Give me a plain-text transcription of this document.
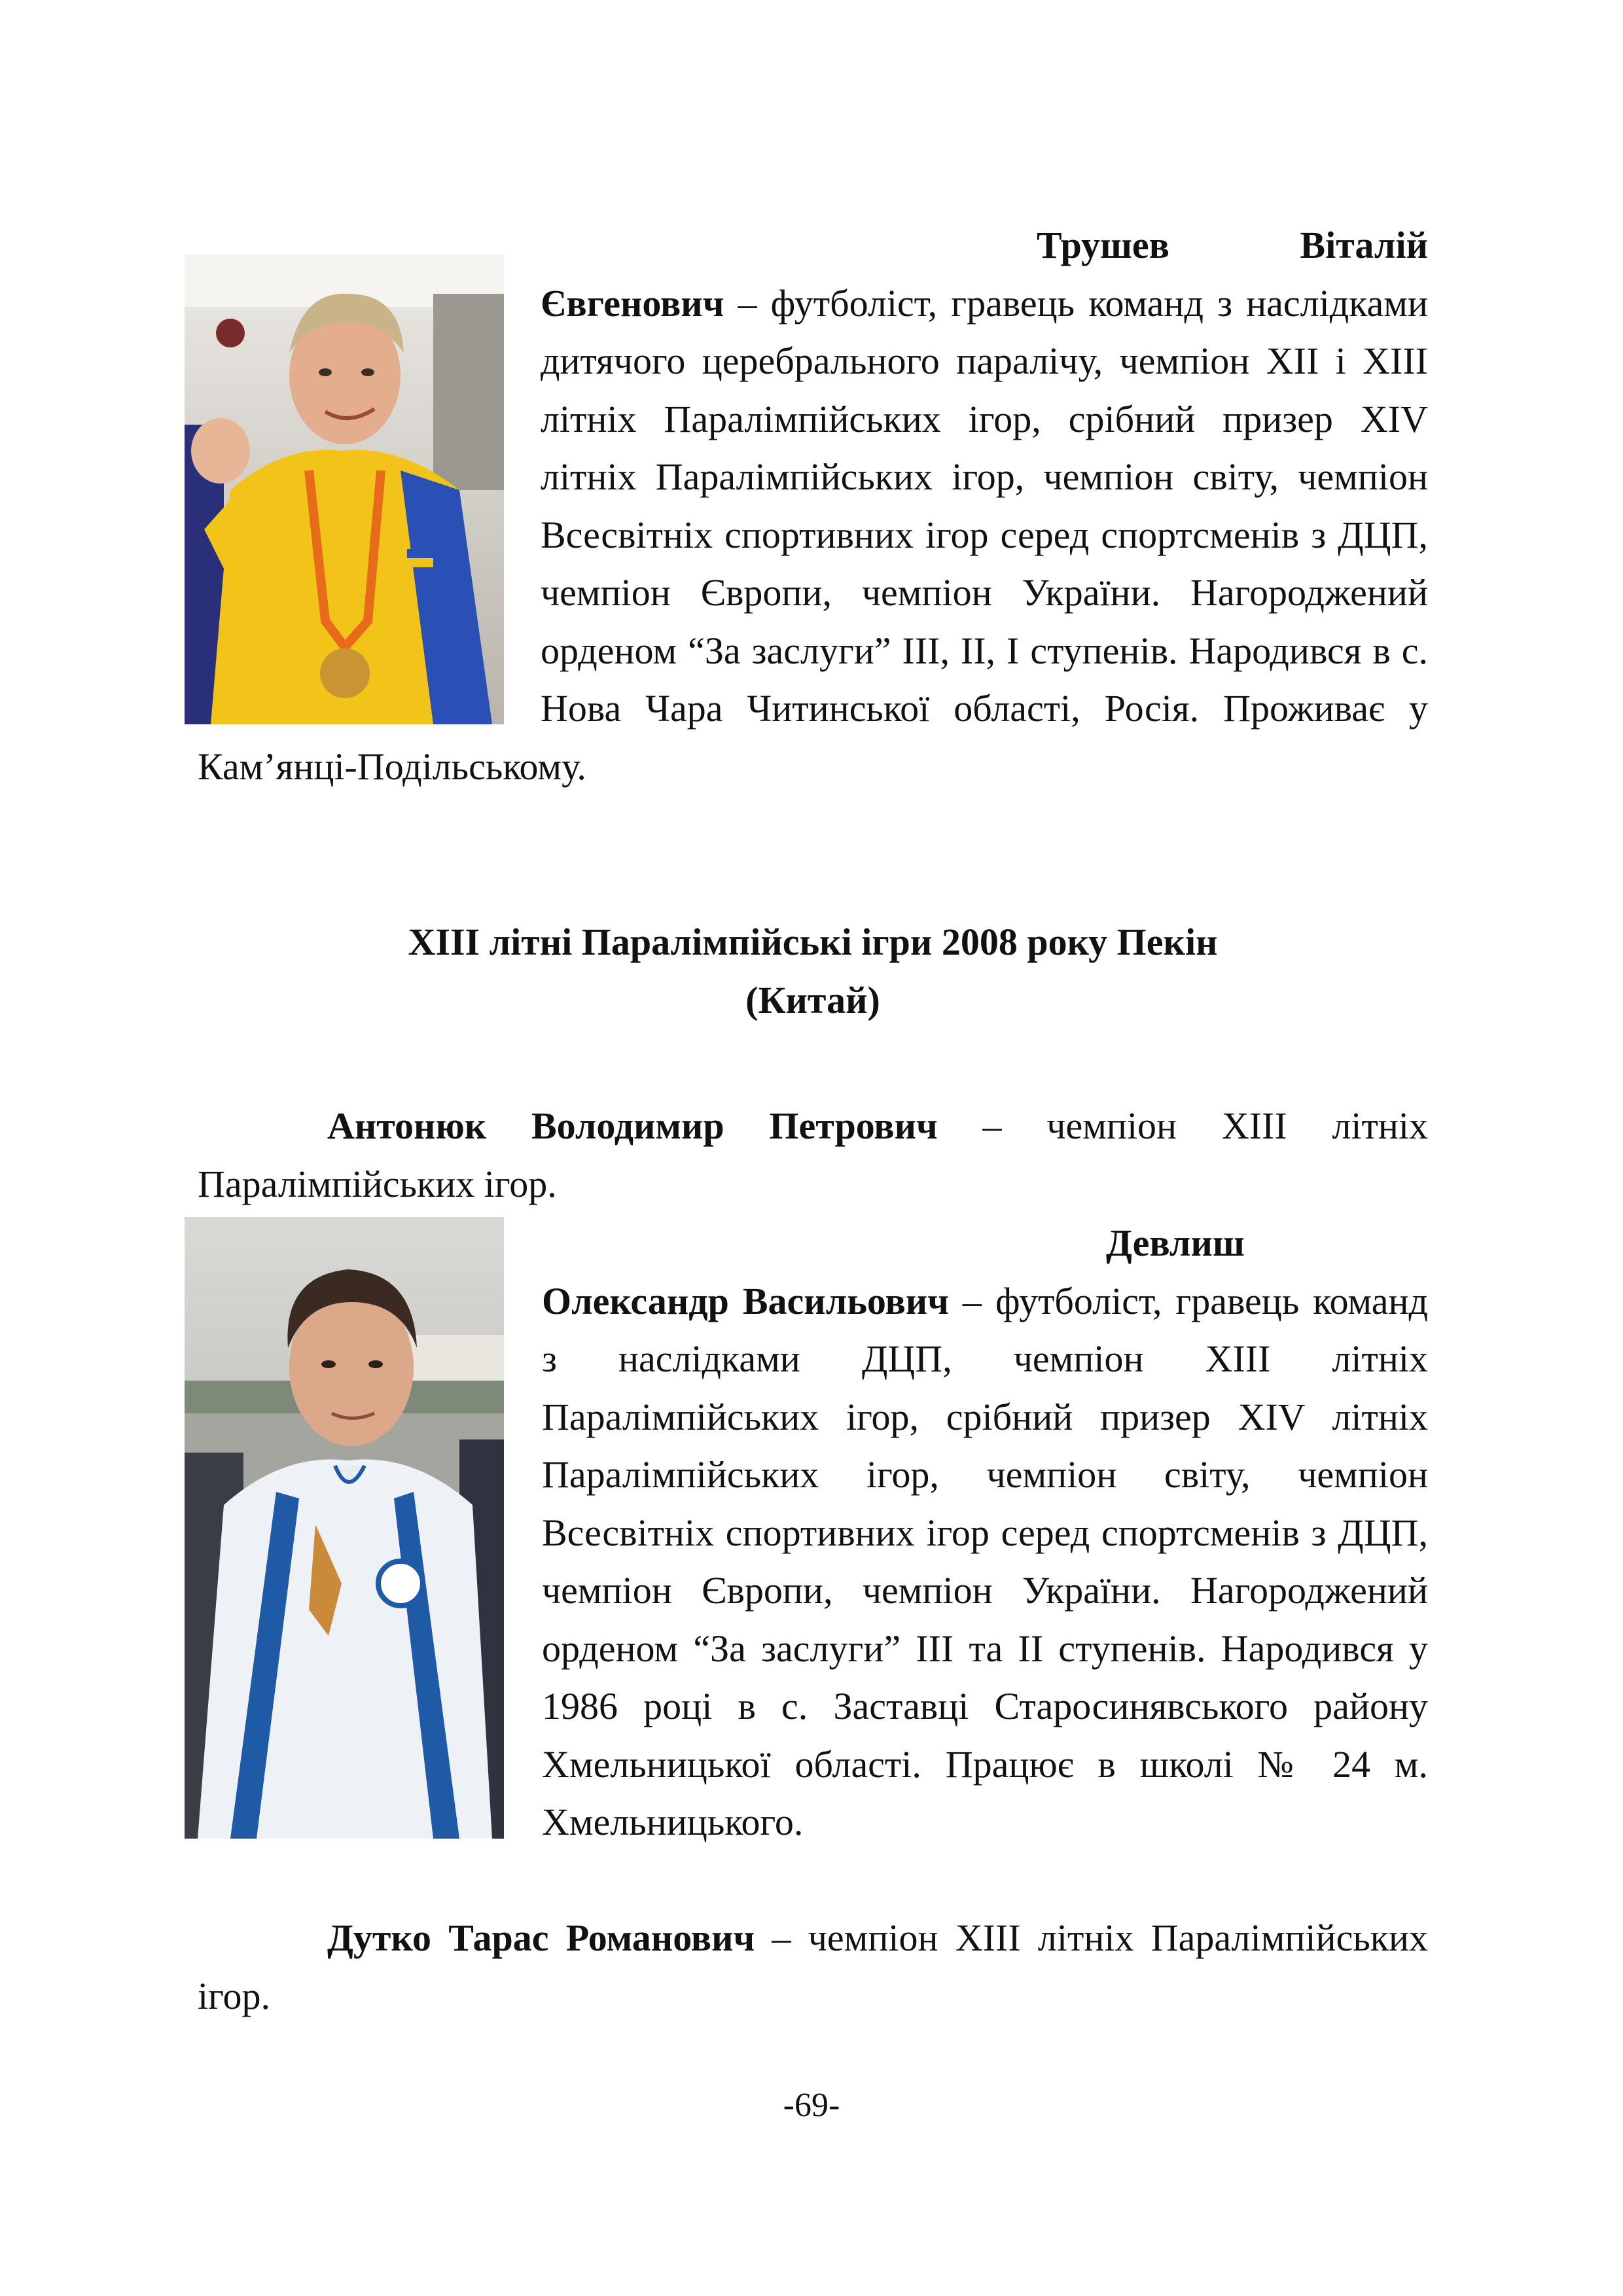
Трушев Віталій Євгенович – футболіст, гравець команд з наслідками дитячого церебрального паралічу, чемпіон XII і XIII літніх Паралімпійських ігор, срібний призер XIV літніх Паралімпійських ігор, чемпіон світу, чемпіон Всесвітніх спортивних ігор серед спортсменів з ДЦП, чемпіон Європи, чемпіон України. Нагороджений орденом “За заслуги” III, II, I ступенів. Народився в с. Нова Чара Читинської області, Росія. Проживає у Кам’янці-Подільському.
XIII літні Паралімпійські ігри 2008 року Пекін
(Китай)
Антонюк Володимир Петрович – чемпіон XIII літніх Паралімпійських ігор.
Девлиш Олександр Васильович – футболіст, гравець команд з наслідками ДЦП, чемпіон XIII літніх Паралімпійських ігор, срібний призер XIV літніх Паралімпійських ігор, чемпіон світу, чемпіон Всесвітніх спортивних ігор серед спортсменів з ДЦП, чемпіон Європи, чемпіон України. Нагороджений орденом “За заслуги” III та II ступенів. Народився у 1986 році в с. Заставці Старосинявського району Хмельницької області. Працює в школі № 24 м. Хмельницького.
Дутко Тарас Романович – чемпіон XIII літніх Паралімпійських ігор.
-69-
